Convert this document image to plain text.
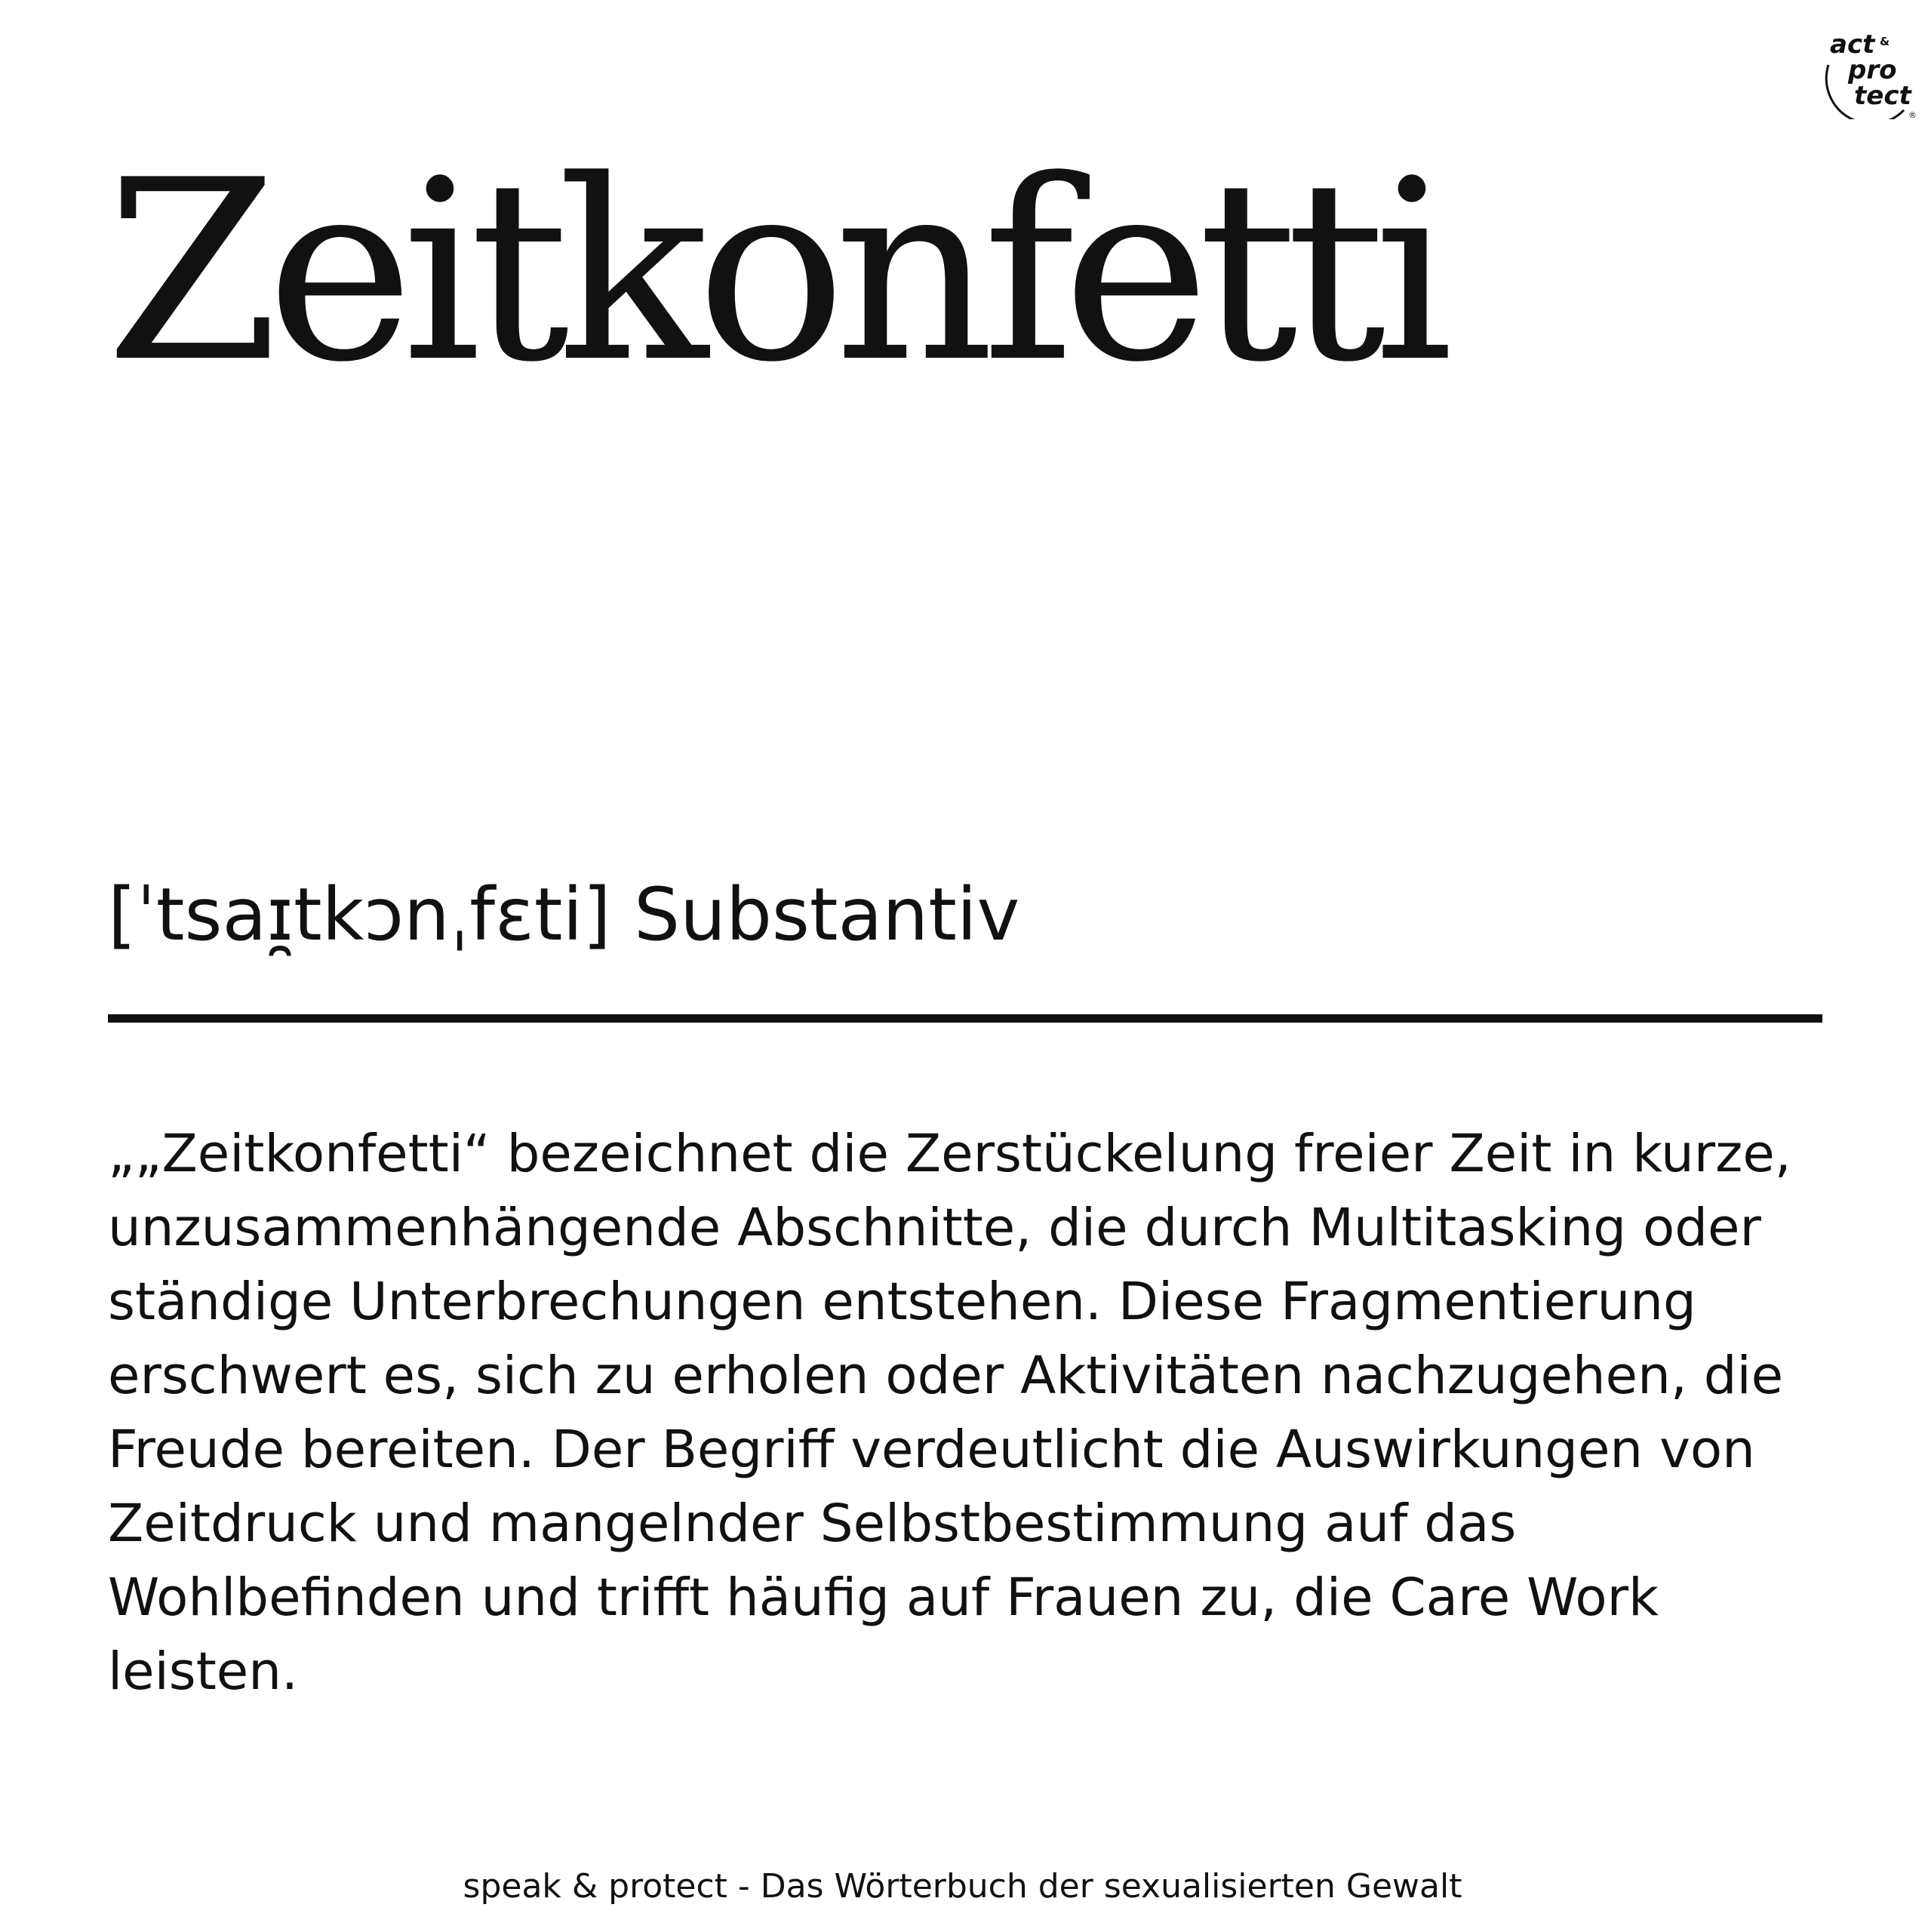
act &
pro
tect
®
Zeitkonfetti
[ˈtsaɪ̯tkɔnˌfɛti] Substantiv

„„Zeitkonfetti“ bezeichnet die Zerstückelung freier Zeit in kurze, unzusammenhängende Abschnitte, die durch Multitasking oder ständige Unterbrechungen entstehen. Diese Fragmentierung erschwert es, sich zu erholen oder Aktivitäten nachzugehen, die Freude bereiten. Der Begriff verdeutlicht die Auswirkungen von Zeitdruck und mangelnder Selbstbestimmung auf das Wohlbefinden und trifft häufig auf Frauen zu, die Care Work leisten.

speak & protect - Das Wörterbuch der sexualisierten Gewalt
